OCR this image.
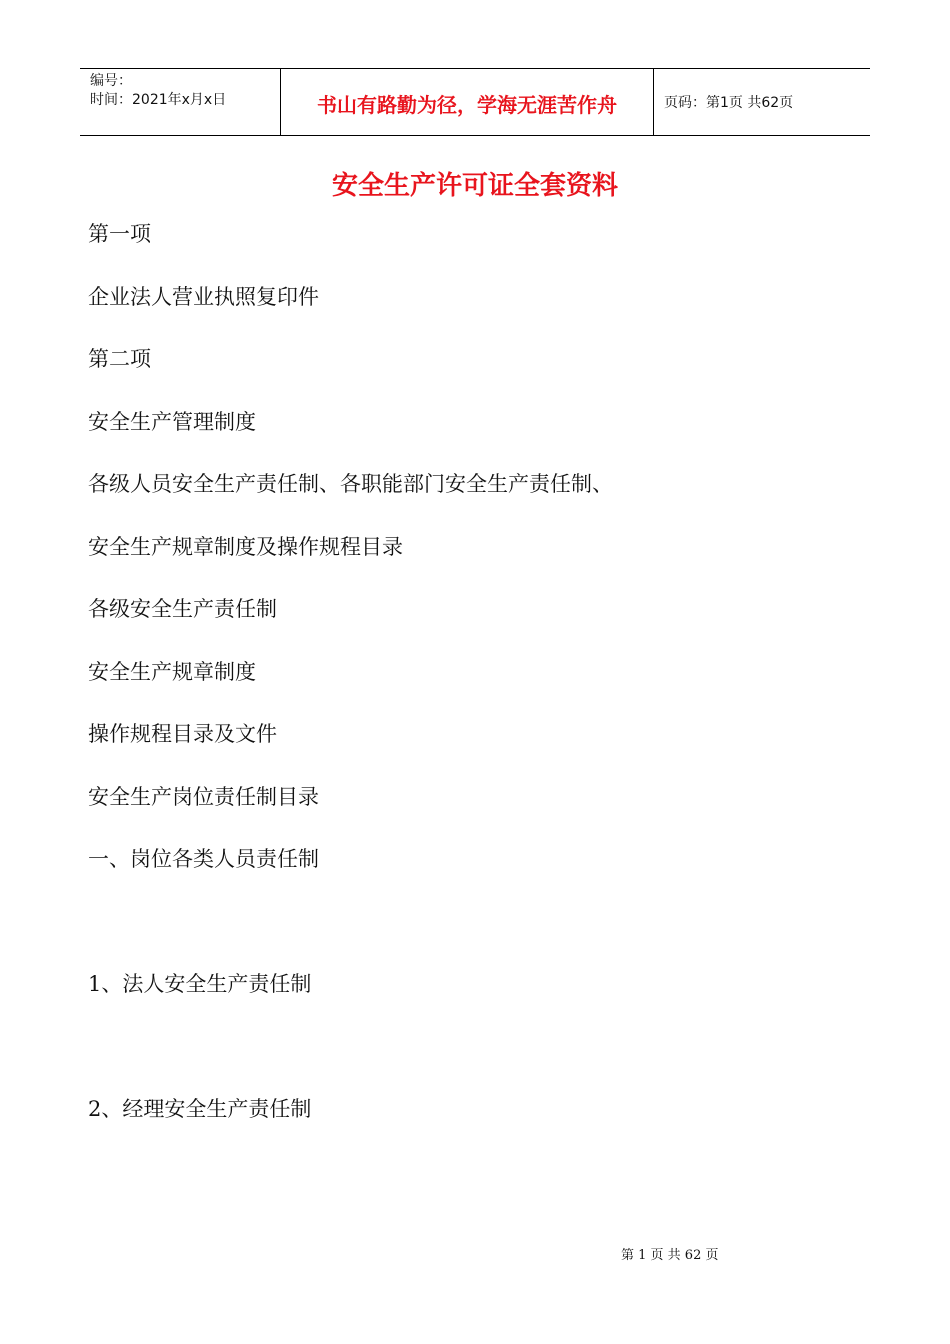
编号：
时间：2021年x月x日	书山有路勤为径，学海无涯苦作舟	页码：第1页 共62页
安全生产许可证全套资料

第一项

企业法人营业执照复印件

第二项

安全生产管理制度

各级人员安全生产责任制、各职能部门安全生产责任制、

安全生产规章制度及操作规程目录

各级安全生产责任制

安全生产规章制度

操作规程目录及文件

安全生产岗位责任制目录

一、岗位各类人员责任制

1、法人安全生产责任制

2、经理安全生产责任制

第 1 页 共 62 页
